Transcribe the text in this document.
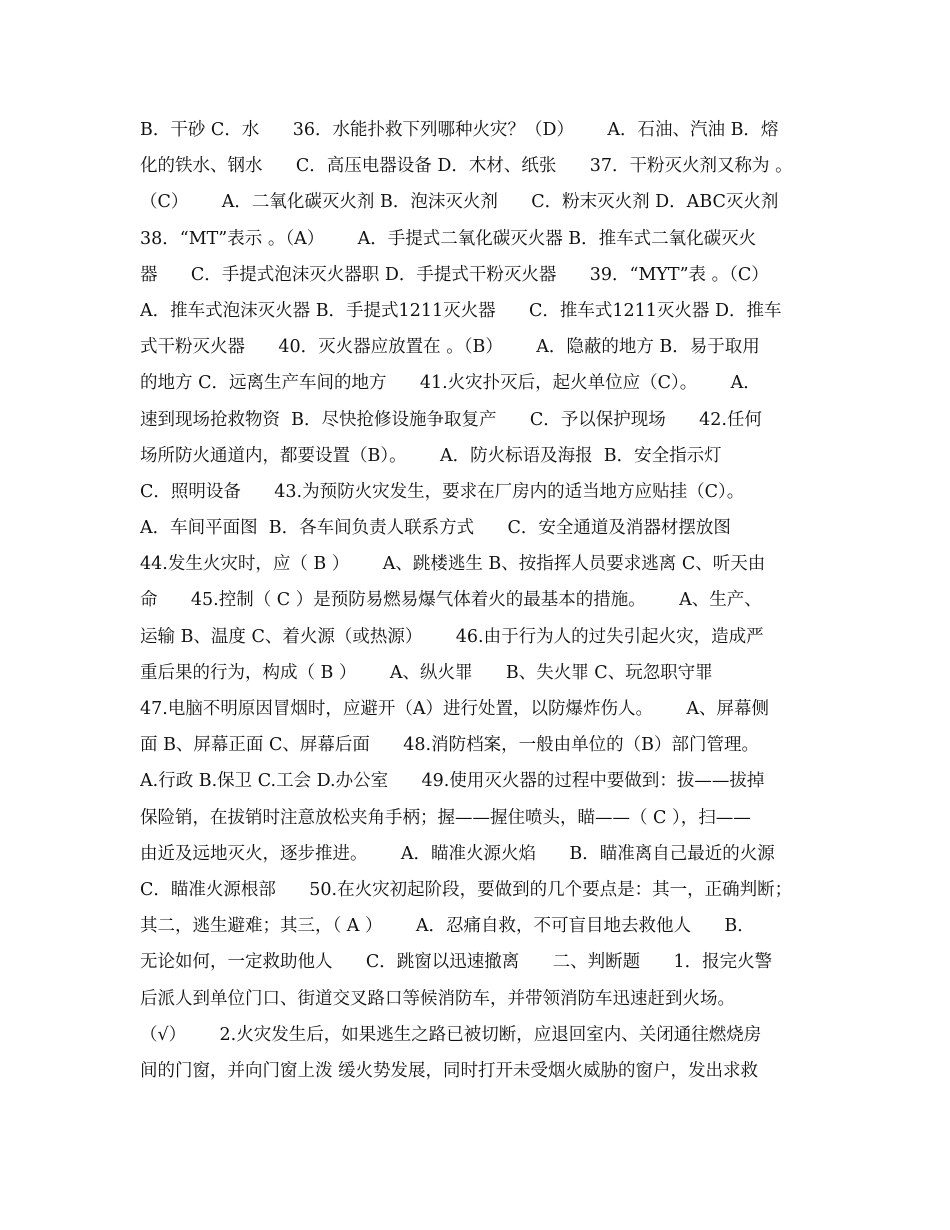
B．干砂 C．水      36．水能扑救下列哪种火灾？（D）      A．石油、汽油 B．熔
化的铁水、钢水      C．高压电器设备 D．木材、纸张      37．干粉灭火剂又称为 。
（C）      A．二氧化碳灭火剂 B．泡沫灭火剂      C．粉末灭火剂 D．ABC灭火剂
38．“MT”表示 。（A）      A．手提式二氧化碳灭火器 B．推车式二氧化碳灭火
器      C．手提式泡沫灭火器职 D．手提式干粉灭火器      39．“MYT”表 。（C）
A．推车式泡沫灭火器 B．手提式1211灭火器      C．推车式1211灭火器 D．推车
式干粉灭火器      40．灭火器应放置在 。（B）      A．隐蔽的地方 B．易于取用
的地方 C．远离生产车间的地方      41.火灾扑灭后，起火单位应（C）。      A．
速到现场抢救物资  B．尽快抢修设施争取复产      C．予以保护现场      42.任何
场所防火通道内，都要设置（B）。      A．防火标语及海报  B．安全指示灯
C．照明设备      43.为预防火灾发生，要求在厂房内的适当地方应贴挂（C）。
A．车间平面图  B．各车间负责人联系方式      C．安全通道及消器材摆放图
44.发生火灾时，应（ B ）      A、跳楼逃生 B、按指挥人员要求逃离 C、听天由
命      45.控制（ C ）是预防易燃易爆气体着火的最基本的措施。      A、生产、
运输 B、温度 C、着火源（或热源）      46.由于行为人的过失引起火灾，造成严
重后果的行为，构成（ B ）      A、纵火罪      B、失火罪 C、玩忽职守罪
47.电脑不明原因冒烟时，应避开（A）进行处置，以防爆炸伤人。      A、屏幕侧
面 B、屏幕正面 C、屏幕后面      48.消防档案，一般由单位的（B）部门管理。
A.行政 B.保卫 C.工会 D.办公室      49.使用灭火器的过程中要做到：拔——拔掉
保险销，在拔销时注意放松夹角手柄；握——握住喷头，瞄——（ C ），扫——
由近及远地灭火，逐步推进。      A．瞄准火源火焰      B．瞄准离自己最近的火源
C．瞄准火源根部      50.在火灾初起阶段，要做到的几个要点是：其一，正确判断；
其二，逃生避难；其三，（ A ）      A．忍痛自救，不可盲目地去救他人      B．
无论如何，一定救助他人      C．跳窗以迅速撤离      二、判断题      1．报完火警
后派人到单位门口、街道交叉路口等候消防车，并带领消防车迅速赶到火场。
（√）      2.火灾发生后，如果逃生之路已被切断，应退回室内、关闭通往燃烧房
间的门窗，并向门窗上泼 缓火势发展，同时打开未受烟火威胁的窗户，发出求救
